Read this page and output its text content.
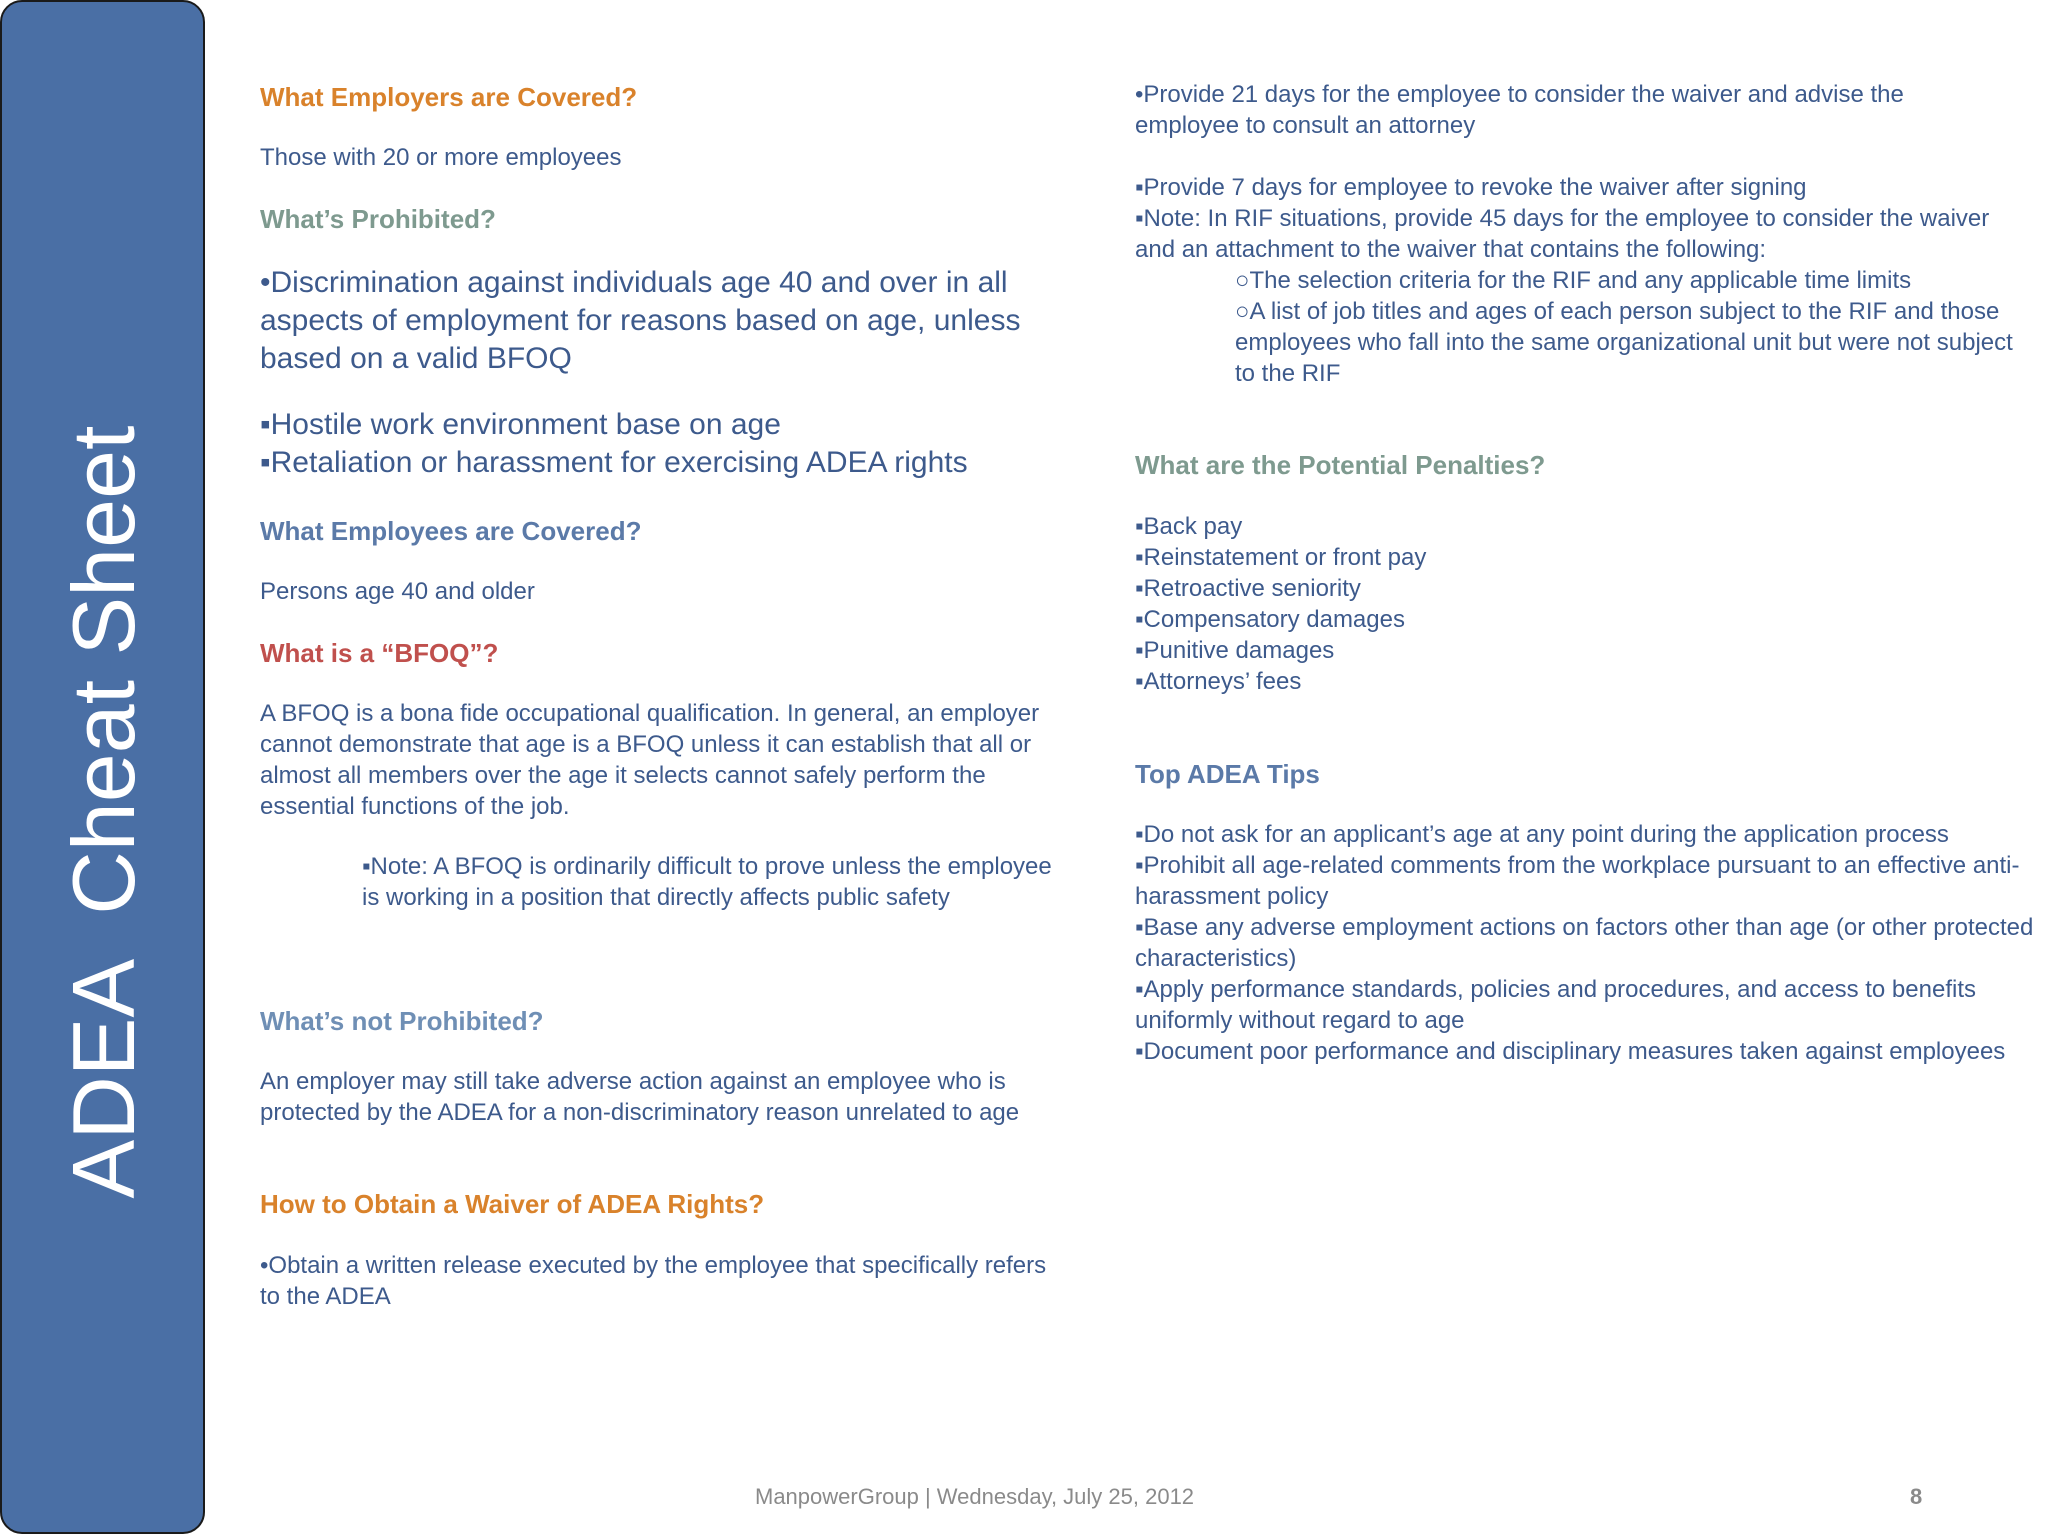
ADEA  Cheat Sheet
What Employers are Covered?
Those with 20 or more employees
What’s Prohibited?
•Discrimination against individuals age 40 and over in all aspects of employment for reasons based on age, unless based on a valid BFOQ
▪Hostile work environment base on age
▪Retaliation or harassment for exercising ADEA rights
What Employees are Covered?
Persons age 40 and older
What is a “BFOQ”?
A BFOQ is a bona fide occupational qualification. In general, an employer cannot demonstrate that age is a BFOQ unless it can establish that all or almost all members over the age it selects cannot safely perform the essential functions of the job.
▪Note: A BFOQ is ordinarily difficult to prove unless the employee is working in a position that directly affects public safety
What’s not Prohibited?
An employer may still take adverse action against an employee who is protected by the ADEA for a non-discriminatory reason unrelated to age
How to Obtain a Waiver of ADEA Rights?
•Obtain a written release executed by the employee that specifically refers to the ADEA
•Provide 21 days for the employee to consider the waiver and advise the employee to consult an attorney
▪Provide 7 days for employee to revoke the waiver after signing
▪Note: In RIF situations, provide 45 days for the employee to consider the waiver and an attachment to the waiver that contains the following:
○The selection criteria for the RIF and any applicable time limits
○A list of job titles and ages of each person subject to the RIF and those employees who fall into the same organizational unit but were not subject to the RIF
What are the Potential Penalties?
▪Back pay
▪Reinstatement or front pay
▪Retroactive seniority
▪Compensatory damages
▪Punitive damages
▪Attorneys’ fees
Top ADEA Tips
▪Do not ask for an applicant’s age at any point during the application process
▪Prohibit all age-related comments from the workplace pursuant to an effective anti-harassment policy
▪Base any adverse employment actions on factors other than age (or other protected characteristics)
▪Apply performance standards, policies and procedures, and access to benefits uniformly without regard to age
▪Document poor performance and disciplinary measures taken against employees
ManpowerGroup | Wednesday, July 25, 2012	8
